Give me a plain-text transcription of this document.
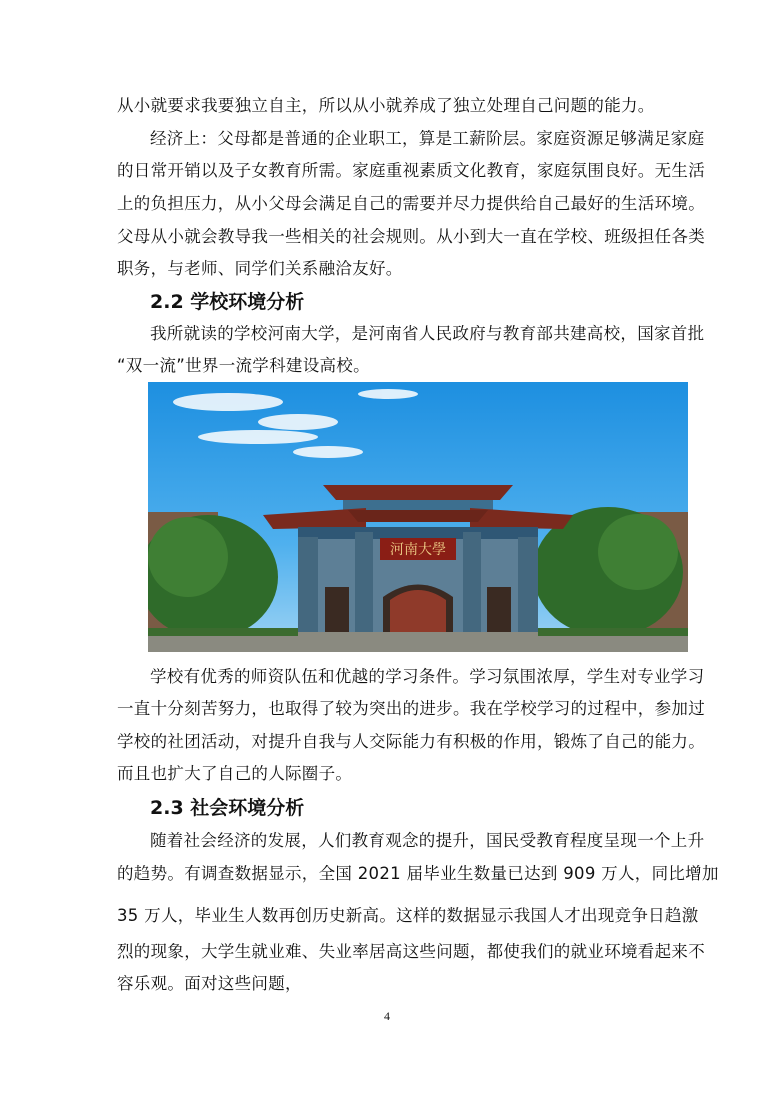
从小就要求我要独立自主，所以从小就养成了独立处理自己问题的能力。
经济上：父母都是普通的企业职工，算是工薪阶层。家庭资源足够满足家庭
的日常开销以及子女教育所需。家庭重视素质文化教育，家庭氛围良好。无生活
上的负担压力，从小父母会满足自己的需要并尽力提供给自己最好的生活环境。
父母从小就会教导我一些相关的社会规则。从小到大一直在学校、班级担任各类
职务，与老师、同学们关系融洽友好。
2.2 学校环境分析
我所就读的学校河南大学，是河南省人民政府与教育部共建高校，国家首批
“双一流”世界一流学科建设高校。
河南大學
学校有优秀的师资队伍和优越的学习条件。学习氛围浓厚，学生对专业学习
一直十分刻苦努力，也取得了较为突出的进步。我在学校学习的过程中，参加过
学校的社团活动，对提升自我与人交际能力有积极的作用，锻炼了自己的能力。
而且也扩大了自己的人际圈子。
2.3 社会环境分析
随着社会经济的发展，人们教育观念的提升，国民受教育程度呈现一个上升
的趋势。有调查数据显示，全国 2021 届毕业生数量已达到 909 万人，同比增加
35 万人，毕业生人数再创历史新高。这样的数据显示我国人才出现竞争日趋激
烈的现象，大学生就业难、失业率居高这些问题，都使我们的就业环境看起来不
容乐观。面对这些问题，
4
